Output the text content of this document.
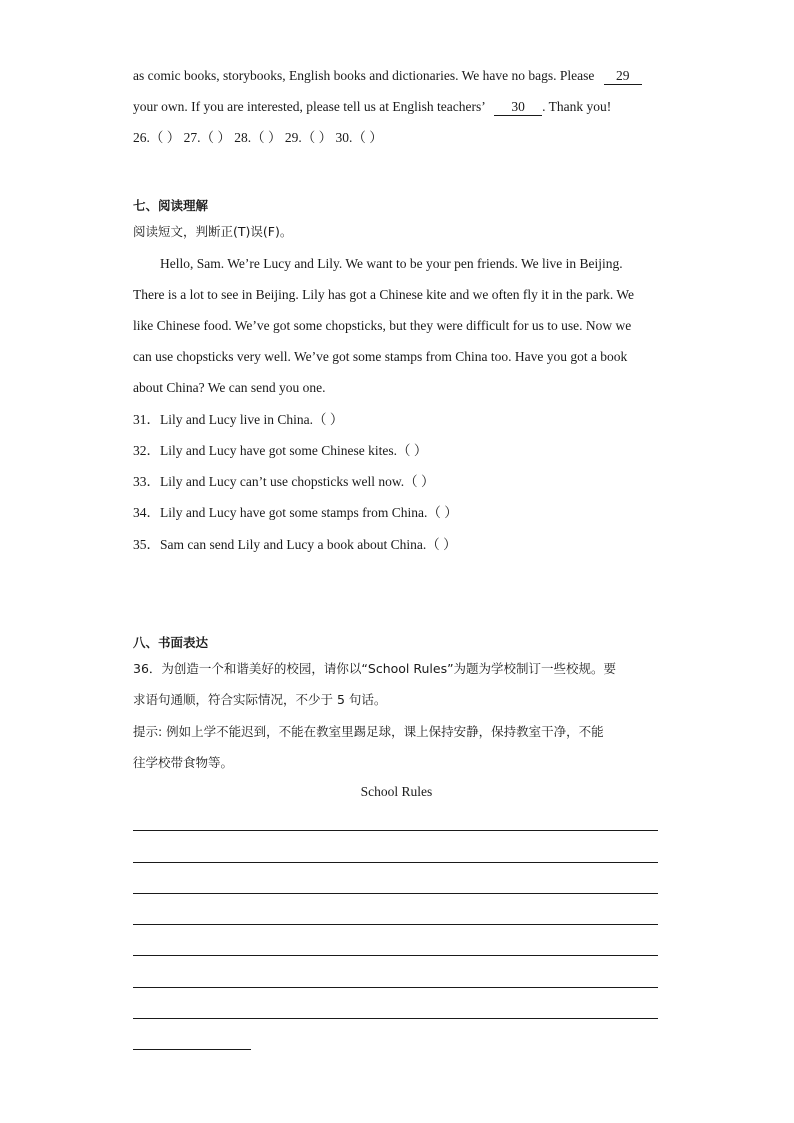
as comic books, storybooks, English books and dictionaries. We have no bags. Please 29
your own. If you are interested, please tell us at English teachers’ 30 . Thank you!
26.（ ） 27.（ ） 28.（ ） 29.（ ） 30.（ ）
七、阅读理解
阅读短文，判断正(T)误(F)。
Hello, Sam. We’re Lucy and Lily. We want to be your pen friends. We live in Beijing.
There is a lot to see in Beijing. Lily has got a Chinese kite and we often fly it in the park. We
like Chinese food. We’ve got some chopsticks, but they were difficult for us to use. Now we
can use chopsticks very well. We’ve got some stamps from China too. Have you got a book
about China? We can send you one.
31．Lily and Lucy live in China.（ ）
32．Lily and Lucy have got some Chinese kites.（ ）
33．Lily and Lucy can’t use chopsticks well now.（ ）
34．Lily and Lucy have got some stamps from China.（ ）
35．Sam can send Lily and Lucy a book about China.（ ）
八、书面表达
36．为创造一个和谐美好的校园，请你以“School Rules”为题为学校制订一些校规。要
求语句通顺，符合实际情况，不少于 5 句话。
提示: 例如上学不能迟到，不能在教室里踢足球，课上保持安静，保持教室干净，不能
往学校带食物等。
School Rules
